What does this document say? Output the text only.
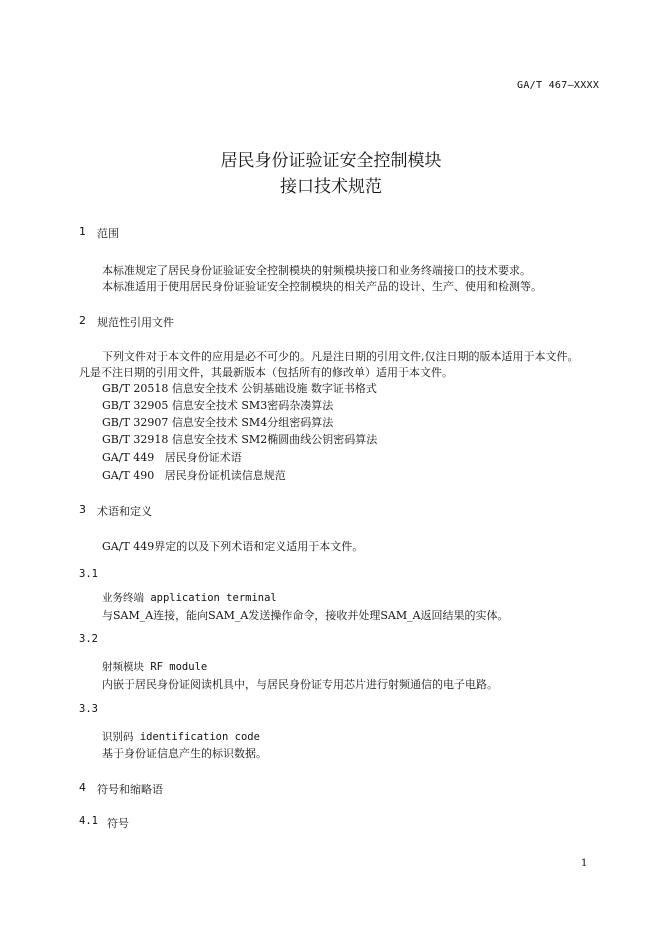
GA/T 467—XXXX
居民身份证验证安全控制模块
接口技术规范
1 范围
本标准规定了居民身份证验证安全控制模块的射频模块接口和业务终端接口的技术要求。
本标准适用于使用居民身份证验证安全控制模块的相关产品的设计、生产、使用和检测等。
2 规范性引用文件
下列文件对于本文件的应用是必不可少的。凡是注日期的引用文件,仅注日期的版本适用于本文件。
凡是不注日期的引用文件，其最新版本（包括所有的修改单）适用于本文件。
GB/T 20518 信息安全技术 公钥基础设施 数字证书格式
GB/T 32905 信息安全技术 SM3密码杂凑算法
GB/T 32907 信息安全技术 SM4分组密码算法
GB/T 32918 信息安全技术 SM2椭圆曲线公钥密码算法
GA/T 449   居民身份证术语
GA/T 490   居民身份证机读信息规范
3 术语和定义
GA/T 449界定的以及下列术语和定义适用于本文件。
3.1
业务终端 application terminal
与SAM_A连接，能向SAM_A发送操作命令，接收并处理SAM_A返回结果的实体。
3.2
射频模块 RF module
内嵌于居民身份证阅读机具中，与居民身份证专用芯片进行射频通信的电子电路。
3.3
识别码 identification code
基于身份证信息产生的标识数据。
4 符号和缩略语
4.1 符号
1
